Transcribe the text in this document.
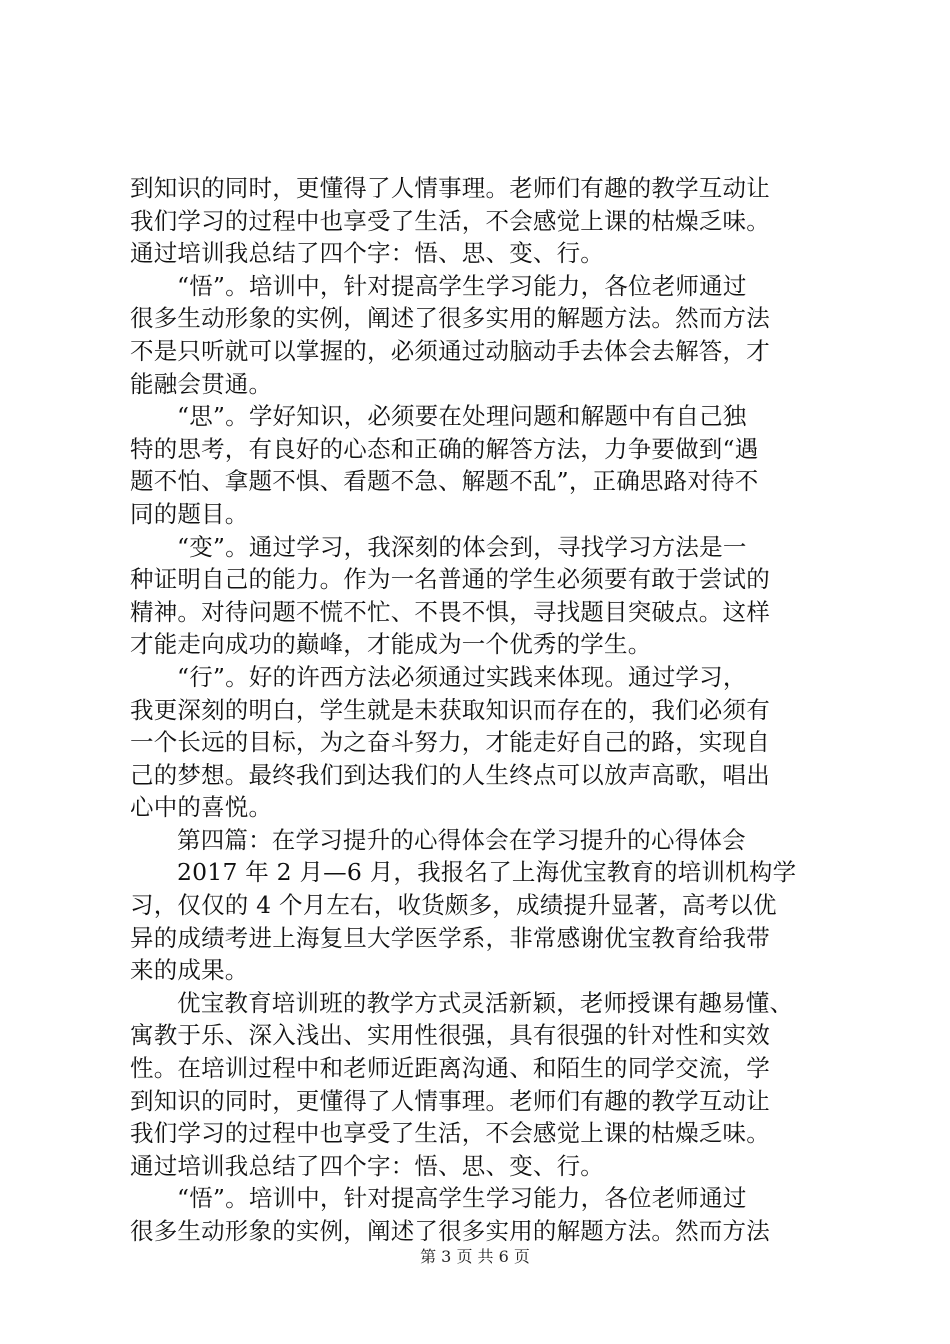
到知识的同时，更懂得了人情事理。老师们有趣的教学互动让
我们学习的过程中也享受了生活，不会感觉上课的枯燥乏味。
通过培训我总结了四个字：悟、思、变、行。
“悟”。培训中，针对提高学生学习能力，各位老师通过
很多生动形象的实例，阐述了很多实用的解题方法。然而方法
不是只听就可以掌握的，必须通过动脑动手去体会去解答，才
能融会贯通。
“思”。学好知识，必须要在处理问题和解题中有自己独
特的思考，有良好的心态和正确的解答方法，力争要做到“遇
题不怕、拿题不惧、看题不急、解题不乱”，正确思路对待不
同的题目。
“变”。通过学习，我深刻的体会到，寻找学习方法是一
种证明自己的能力。作为一名普通的学生必须要有敢于尝试的
精神。对待问题不慌不忙、不畏不惧，寻找题目突破点。这样
才能走向成功的巅峰，才能成为一个优秀的学生。
“行”。好的许西方法必须通过实践来体现。通过学习，
我更深刻的明白，学生就是未获取知识而存在的，我们必须有
一个长远的目标，为之奋斗努力，才能走好自己的路，实现自
己的梦想。最终我们到达我们的人生终点可以放声高歌，唱出
心中的喜悦。
第四篇：在学习提升的心得体会在学习提升的心得体会
2017 年 2 月—6 月，我报名了上海优宝教育的培训机构学
习，仅仅的 4 个月左右，收货颇多，成绩提升显著，高考以优
异的成绩考进上海复旦大学医学系，非常感谢优宝教育给我带
来的成果。
优宝教育培训班的教学方式灵活新颖，老师授课有趣易懂、
寓教于乐、深入浅出、实用性很强，具有很强的针对性和实效
性。在培训过程中和老师近距离沟通、和陌生的同学交流，学
到知识的同时，更懂得了人情事理。老师们有趣的教学互动让
我们学习的过程中也享受了生活，不会感觉上课的枯燥乏味。
通过培训我总结了四个字：悟、思、变、行。
“悟”。培训中，针对提高学生学习能力，各位老师通过
很多生动形象的实例，阐述了很多实用的解题方法。然而方法
第 3 页 共 6 页
